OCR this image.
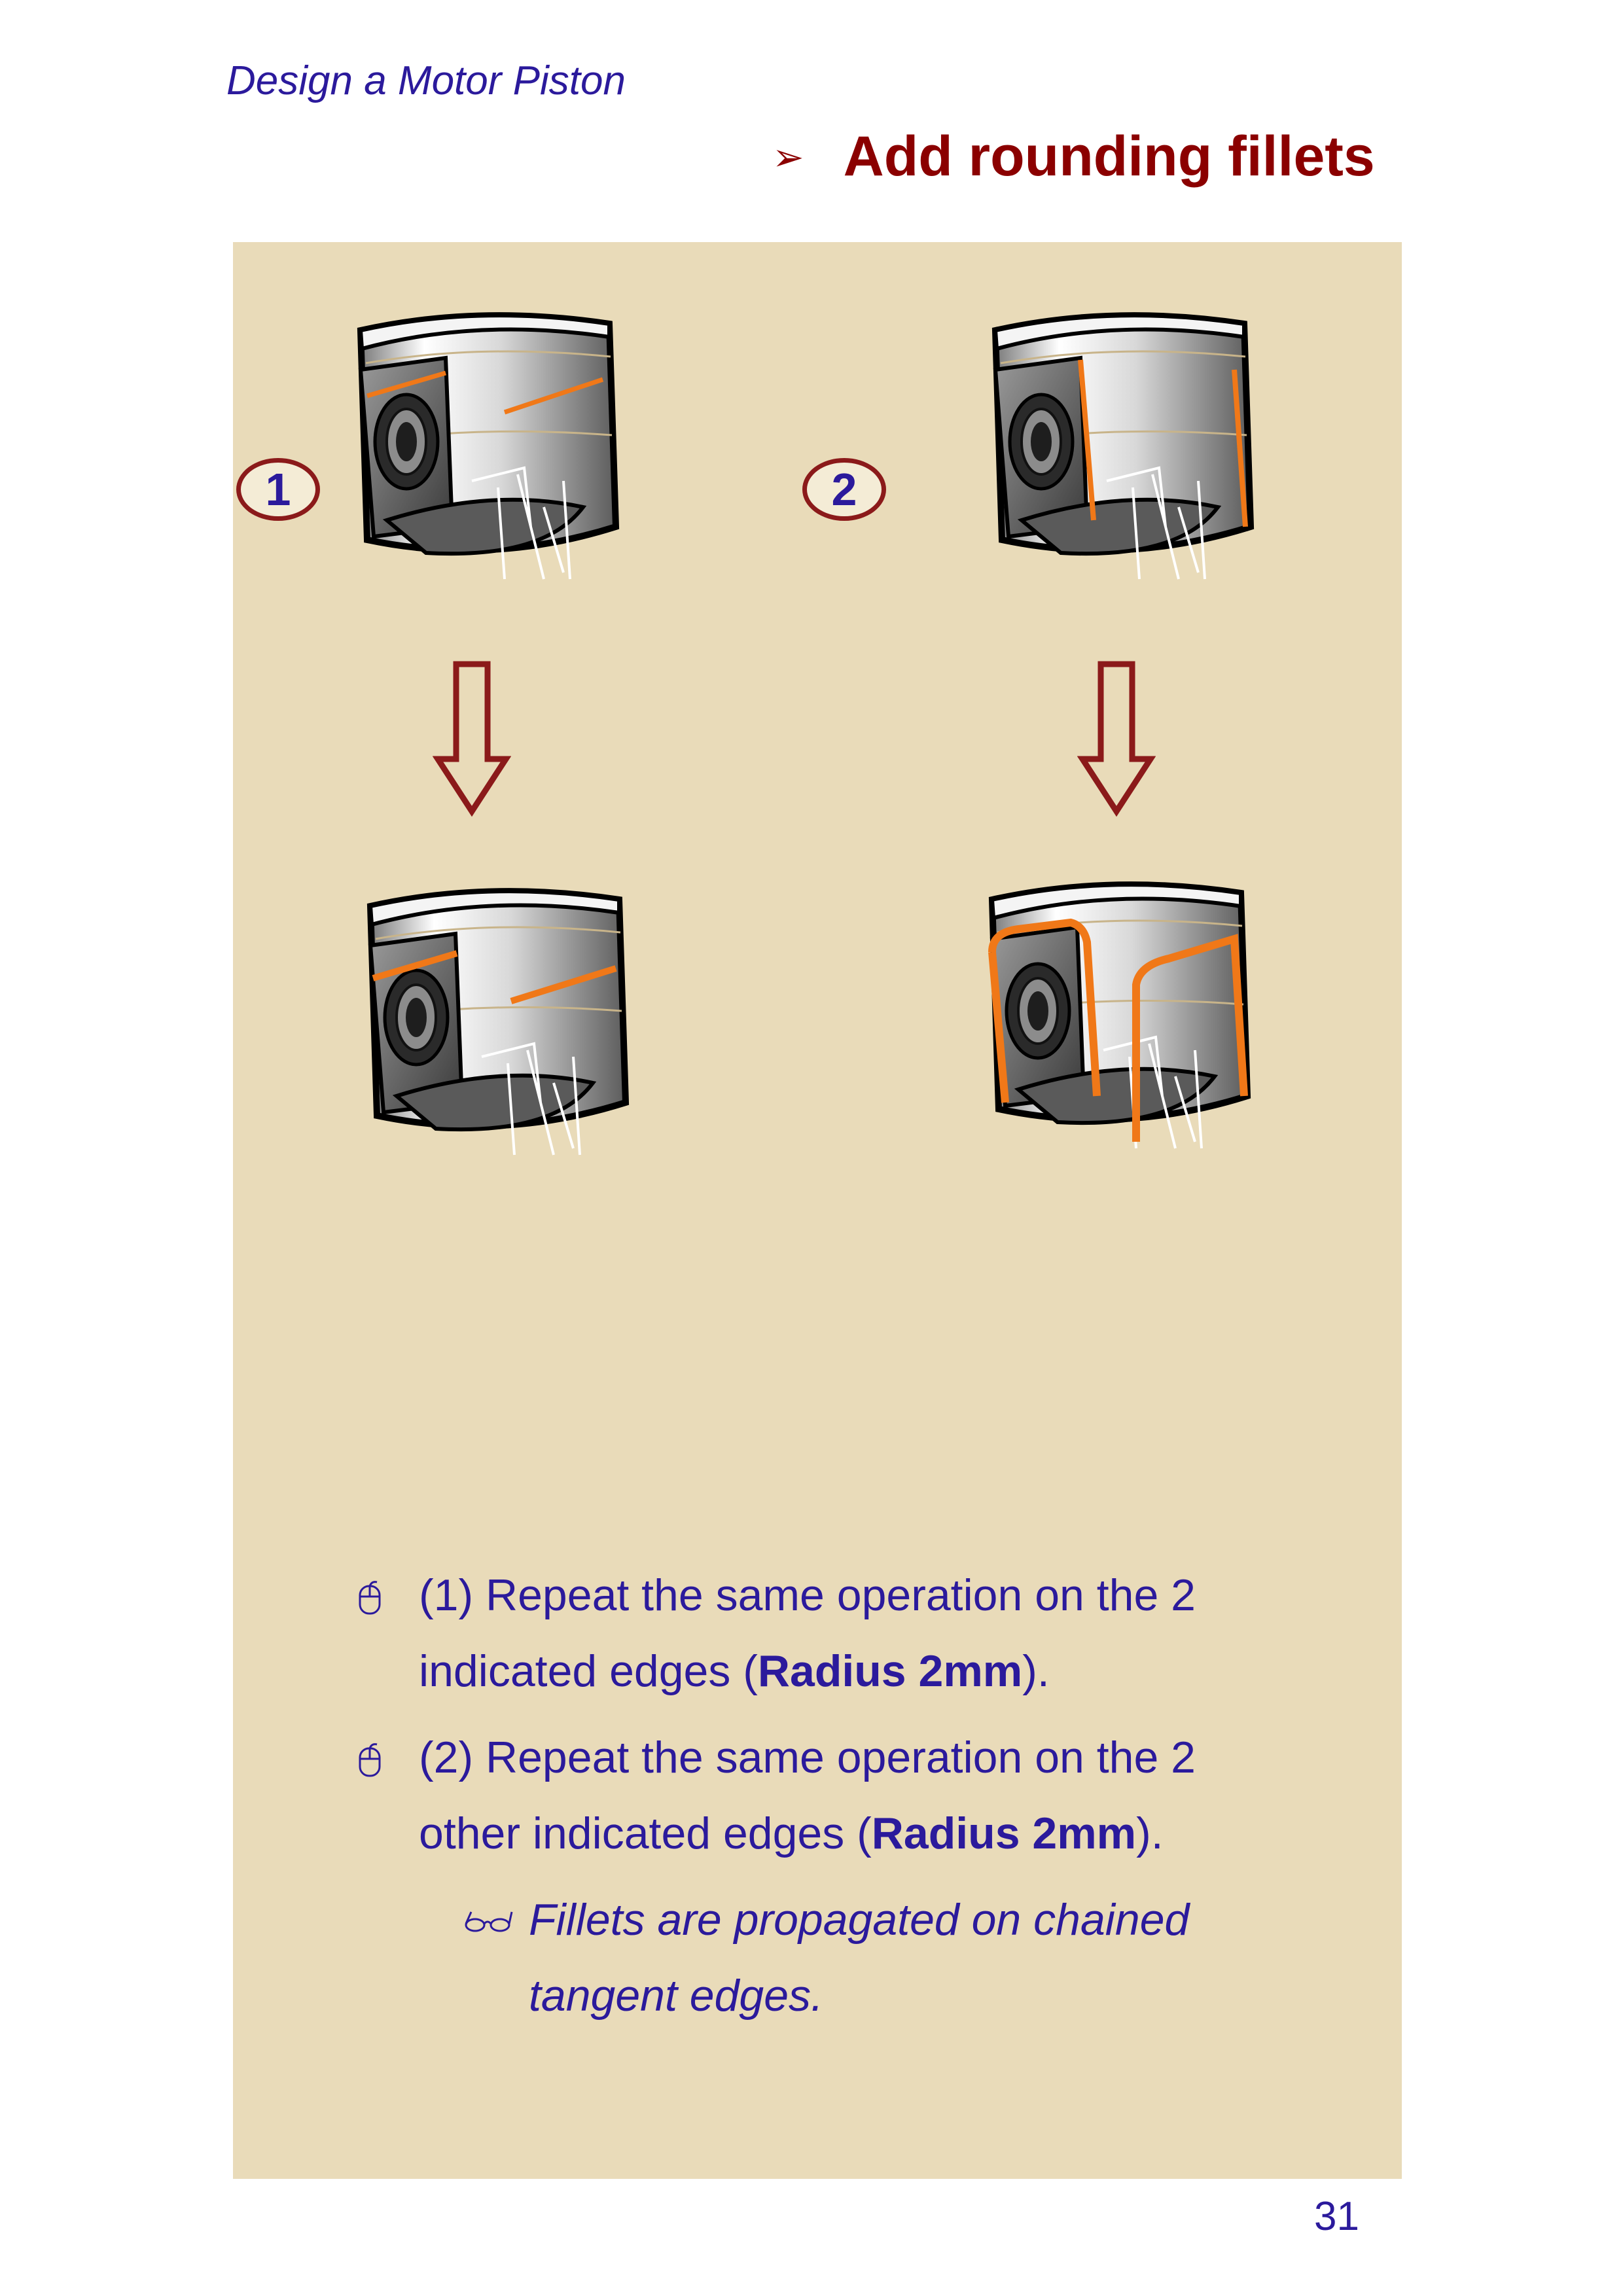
Design a Motor Piston
➢ Add rounding fillets
1	2
(1) Repeat the same operation on the 2 indicated edges (Radius 2mm).
(2) Repeat the same operation on the 2 other indicated edges (Radius 2mm).
Fillets are propagated on chained tangent edges.
31
